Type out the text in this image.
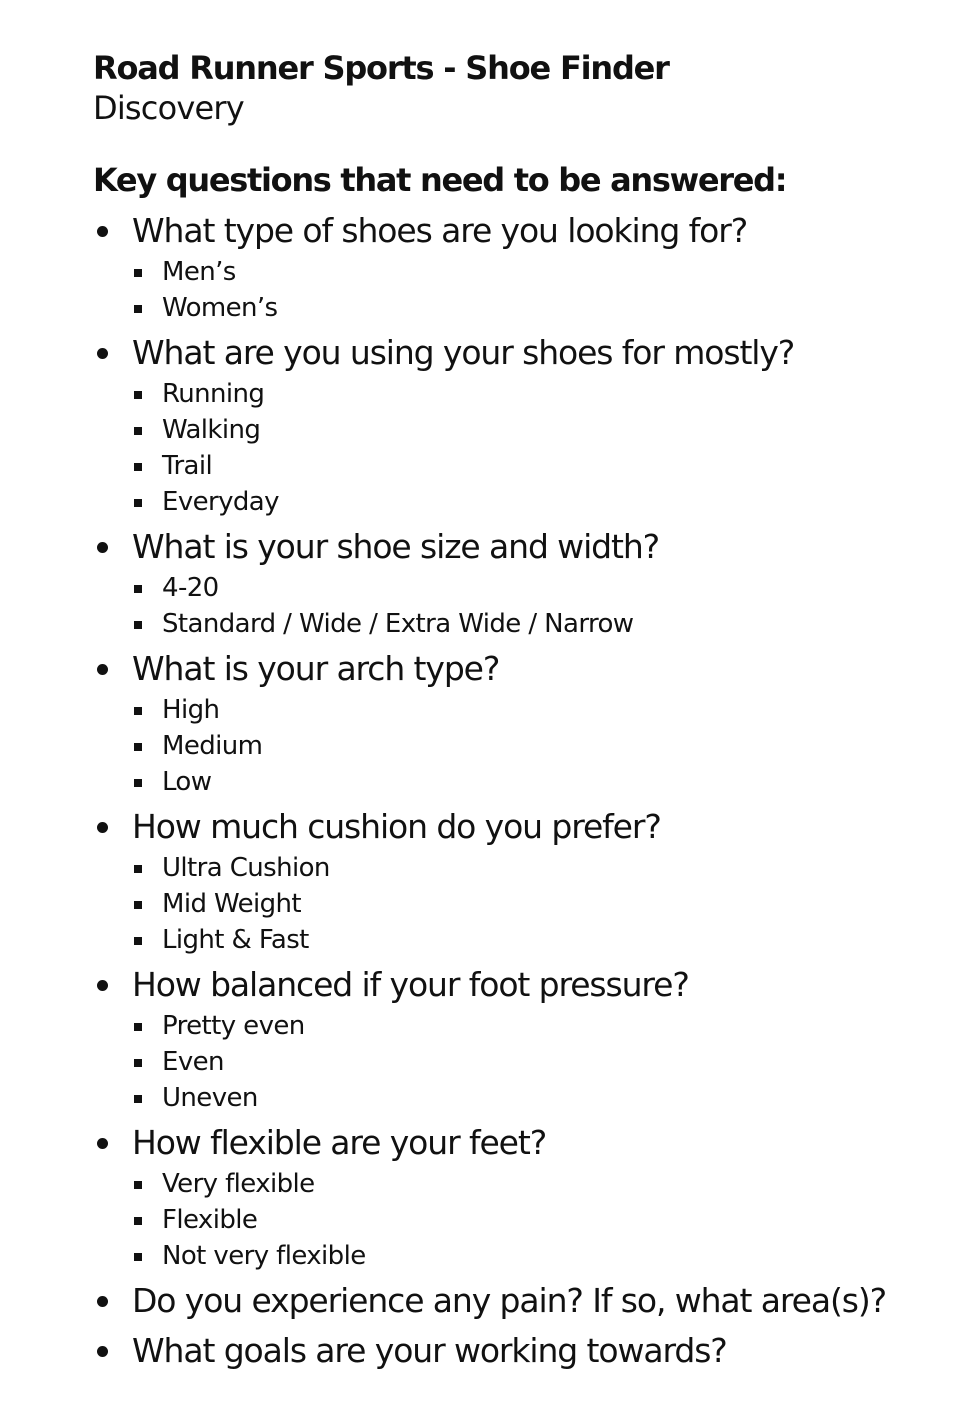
Road Runner Sports - Shoe Finder
Discovery
Key questions that need to be answered:
What type of shoes are you looking for?
Men’s
Women’s
What are you using your shoes for mostly?
Running
Walking
Trail
Everyday
What is your shoe size and width?
4-20
Standard / Wide / Extra Wide / Narrow
What is your arch type?
High
Medium
Low
How much cushion do you prefer?
Ultra Cushion
Mid Weight
Light & Fast
How balanced if your foot pressure?
Pretty even
Even
Uneven
How flexible are your feet?
Very flexible
Flexible
Not very flexible
Do you experience any pain? If so, what area(s)?
What goals are your working towards?
